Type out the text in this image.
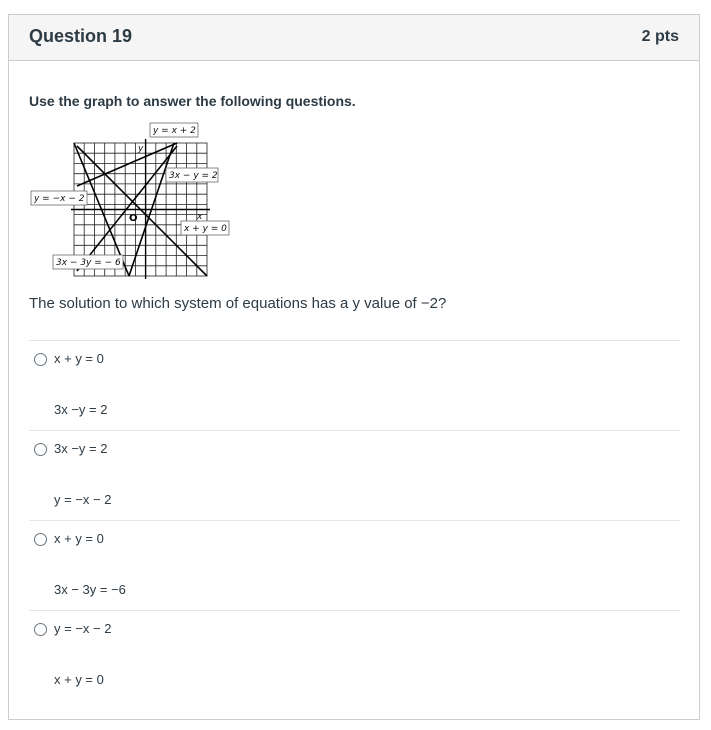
Question 19	2 pts
Use the graph to answer the following questions.
y = x + 2
3x − y = 2
y = −x − 2
x + y = 0
3x − 3y = − 6
y
x
O
The solution to which system of equations has a y value of −2?
x + y = 0
3x −y = 2
3x −y = 2
y = −x − 2
x + y = 0
3x − 3y = −6
y = −x − 2
x + y = 0
